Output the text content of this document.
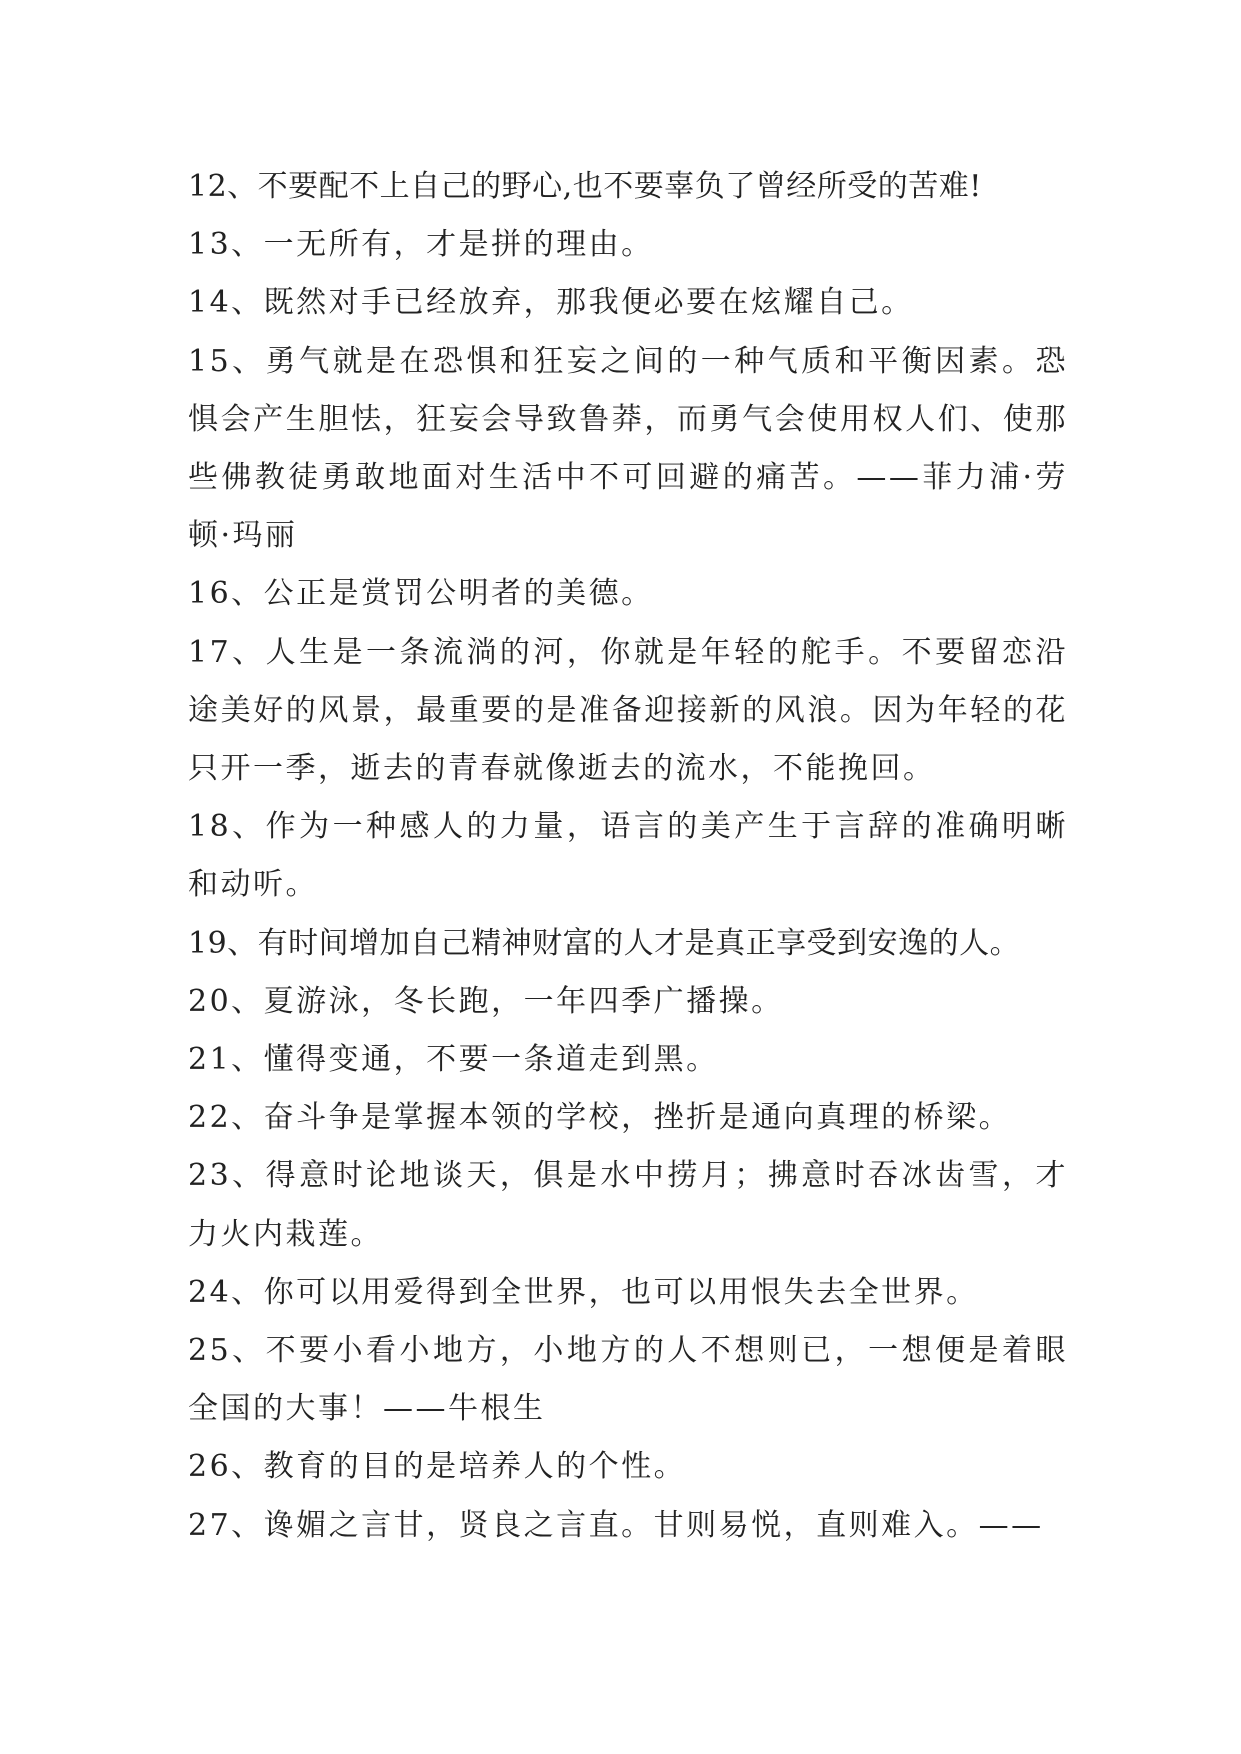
12、不要配不上自己的野心,也不要辜负了曾经所受的苦难!

13、一无所有，才是拼的理由。

14、既然对手已经放弃，那我便必要在炫耀自己。

15、勇气就是在恐惧和狂妄之间的一种气质和平衡因素。恐惧会产生胆怯，狂妄会导致鲁莽，而勇气会使用权人们、使那些佛教徒勇敢地面对生活中不可回避的痛苦。——菲力浦·劳顿·玛丽

16、公正是赏罚公明者的美德。

17、人生是一条流淌的河，你就是年轻的舵手。不要留恋沿途美好的风景，最重要的是准备迎接新的风浪。因为年轻的花只开一季，逝去的青春就像逝去的流水，不能挽回。

18、作为一种感人的力量，语言的美产生于言辞的准确明晰和动听。

19、有时间增加自己精神财富的人才是真正享受到安逸的人。

20、夏游泳，冬长跑，一年四季广播操。

21、懂得变通，不要一条道走到黑。

22、奋斗争是掌握本领的学校，挫折是通向真理的桥梁。

23、得意时论地谈天，俱是水中捞月；拂意时吞冰齿雪，才力火内栽莲。

24、你可以用爱得到全世界，也可以用恨失去全世界。

25、不要小看小地方，小地方的人不想则已，一想便是着眼全国的大事！——牛根生

26、教育的目的是培养人的个性。

27、谗媚之言甘，贤良之言直。甘则易悦，直则难入。——
